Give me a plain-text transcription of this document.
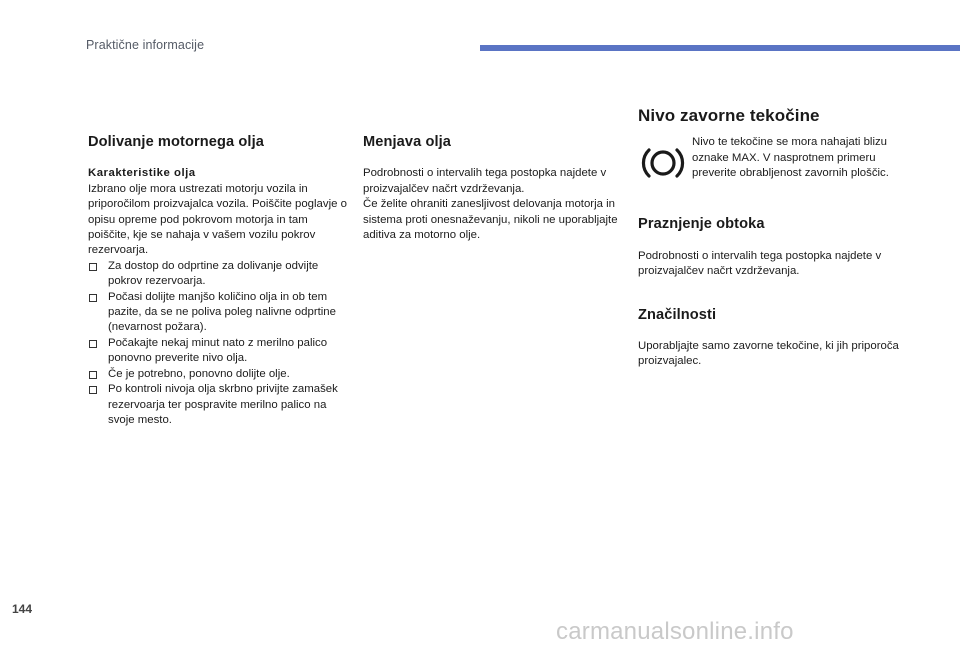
Praktične informacije
Dolivanje motornega olja

Karakteristike olja

Izbrano olje mora ustrezati motorju vozila in priporočilom proizvajalca vozila. Poiščite poglavje o opisu opreme pod pokrovom motorja in tam poiščite, kje se nahaja v vašem vozilu pokrov rezervoarja.

Za dostop do odprtine za dolivanje odvijte pokrov rezervoarja.
Počasi dolijte manjšo količino olja in ob tem pazite, da se ne poliva poleg nalivne odprtine (nevarnost požara).
Počakajte nekaj minut nato z merilno palico ponovno preverite nivo olja.
Če je potrebno, ponovno dolijte olje.
Po kontroli nivoja olja skrbno privijte zamašek rezervoarja ter pospravite merilno palico na svoje mesto.
Menjava olja

Podrobnosti o intervalih tega postopka najdete v proizvajalčev načrt vzdrževanja.

Če želite ohraniti zanesljivost delovanja motorja in sistema proti onesnaževanju, nikoli ne uporabljajte aditiva za motorno olje.

Nivo zavorne tekočine

Nivo te tekočine se mora nahajati blizu oznake MAX. V nasprotnem primeru preverite obrabljenost zavornih ploščic.

Praznjenje obtoka

Podrobnosti o intervalih tega postopka najdete v proizvajalčev načrt vzdrževanja.

Značilnosti

Uporabljajte samo zavorne tekočine, ki jih priporoča proizvajalec.

144
carmanualsonline.info
